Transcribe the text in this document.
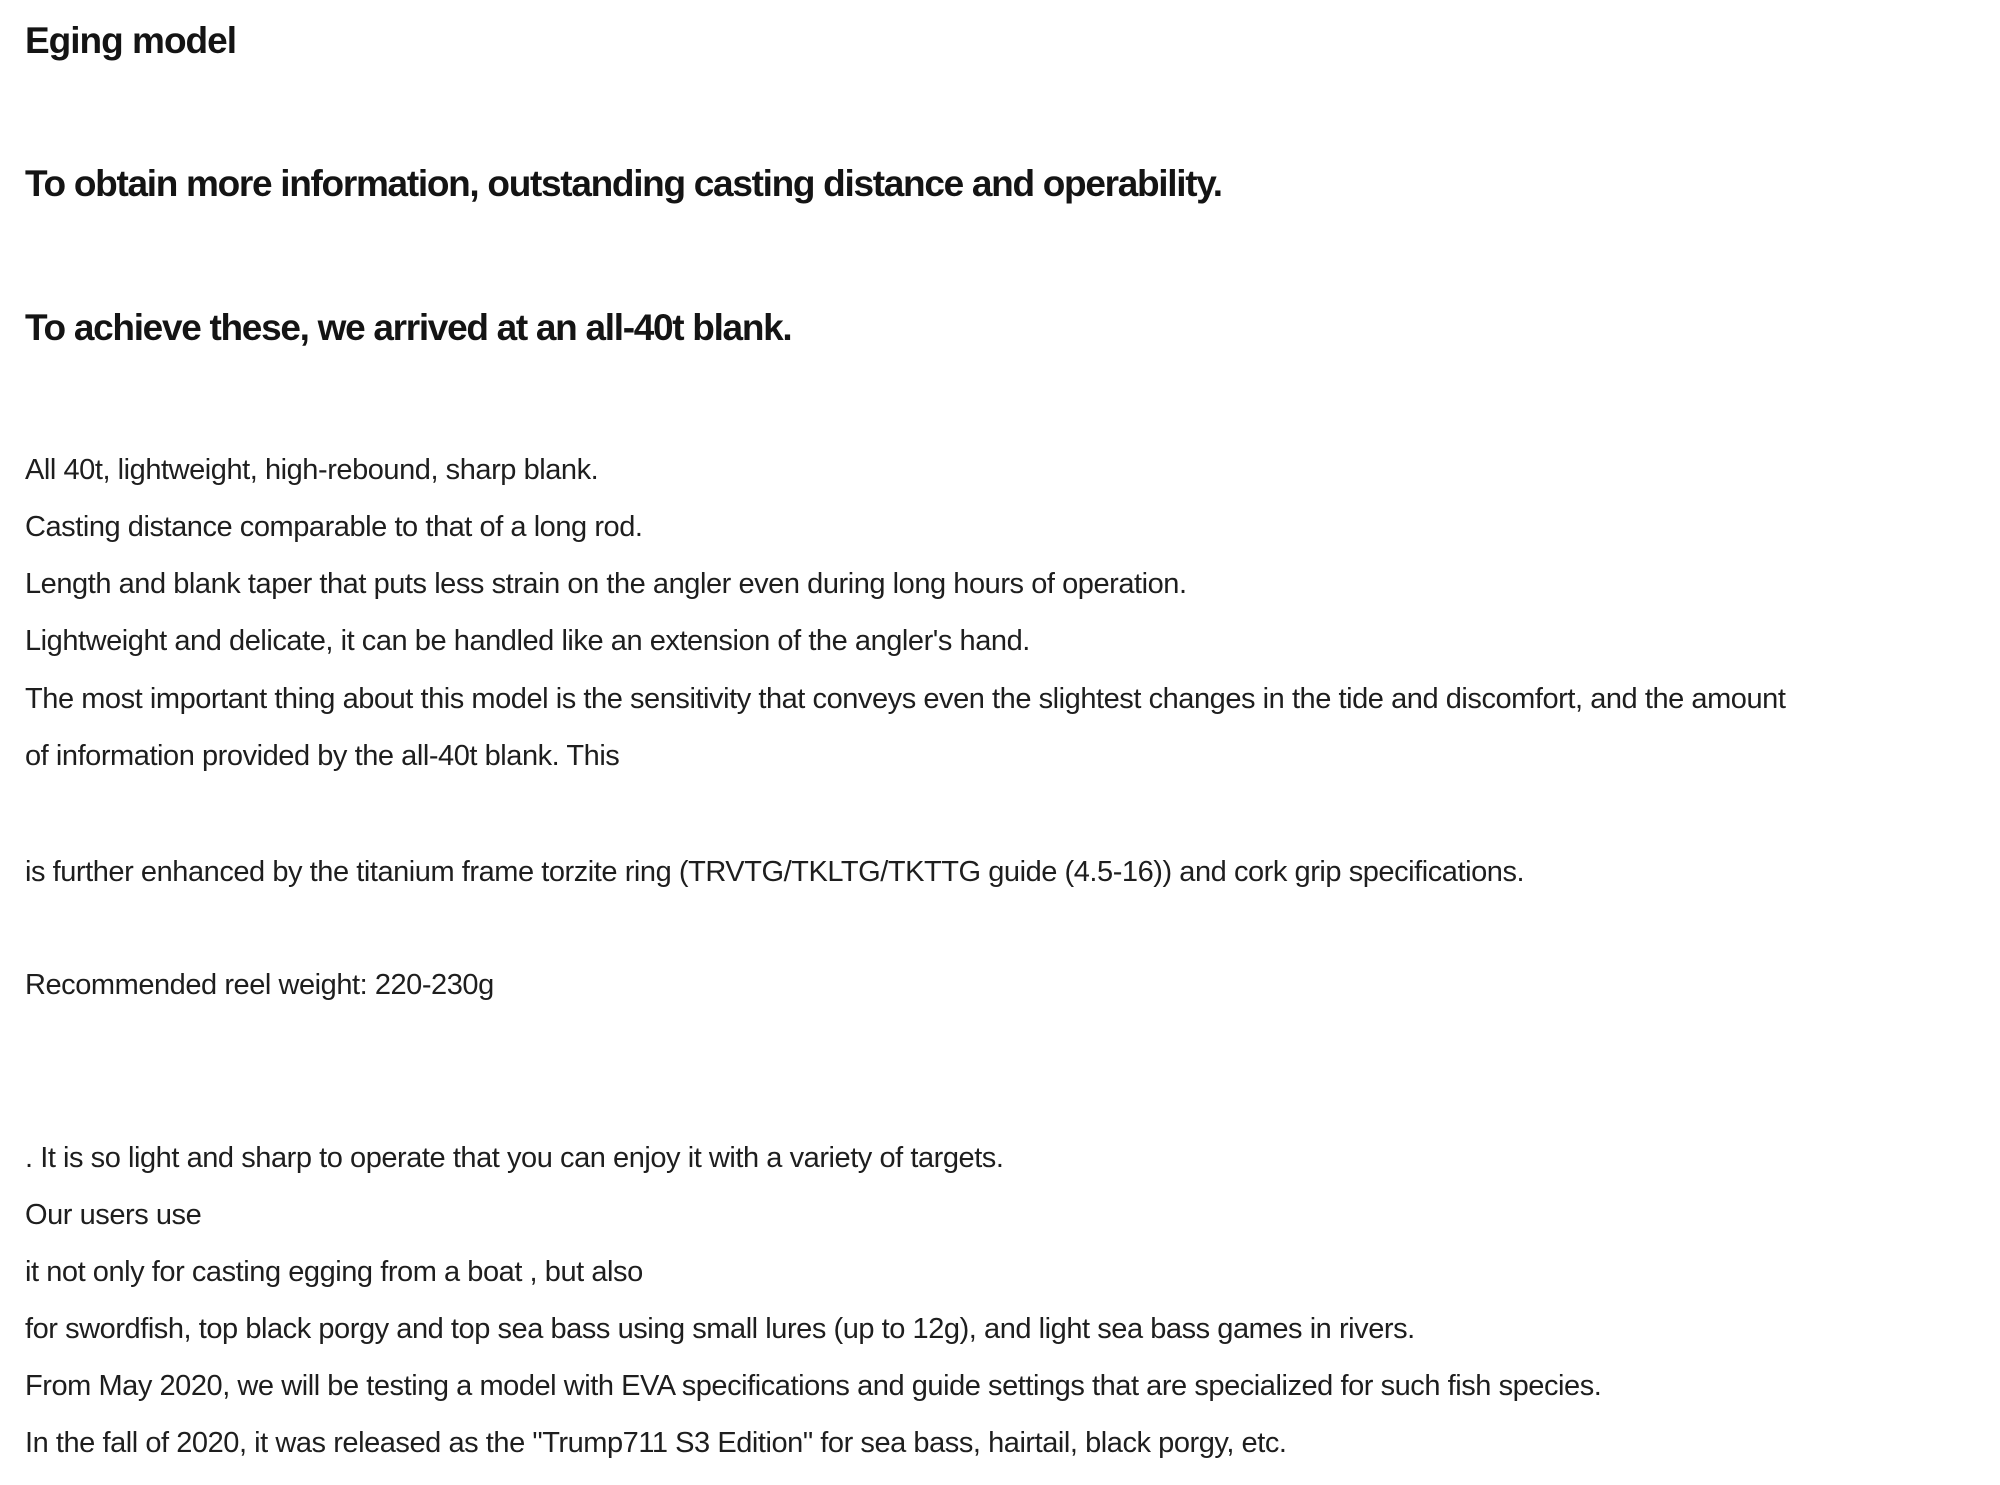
Eging model

To obtain more information, outstanding casting distance and operability.

To achieve these, we arrived at an all-40t blank.

All 40t, lightweight, high-rebound, sharp blank.

Casting distance comparable to that of a long rod.

Length and blank taper that puts less strain on the angler even during long hours of operation.

Lightweight and delicate, it can be handled like an extension of the angler's hand.

The most important thing about this model is the sensitivity that conveys even the slightest changes in the tide and discomfort, and the amount

of information provided by the all-40t blank. This

is further enhanced by the titanium frame torzite ring (TRVTG/TKLTG/TKTTG guide (4.5-16)) and cork grip specifications.

Recommended reel weight: 220-230g

. It is so light and sharp to operate that you can enjoy it with a variety of targets.

Our users use

it not only for casting egging from a boat , but also

for swordfish, top black porgy and top sea bass using small lures (up to 12g), and light sea bass games in rivers.

From May 2020, we will be testing a model with EVA specifications and guide settings that are specialized for such fish species.

In the fall of 2020, it was released as the "Trump711 S3 Edition" for sea bass, hairtail, black porgy, etc.
